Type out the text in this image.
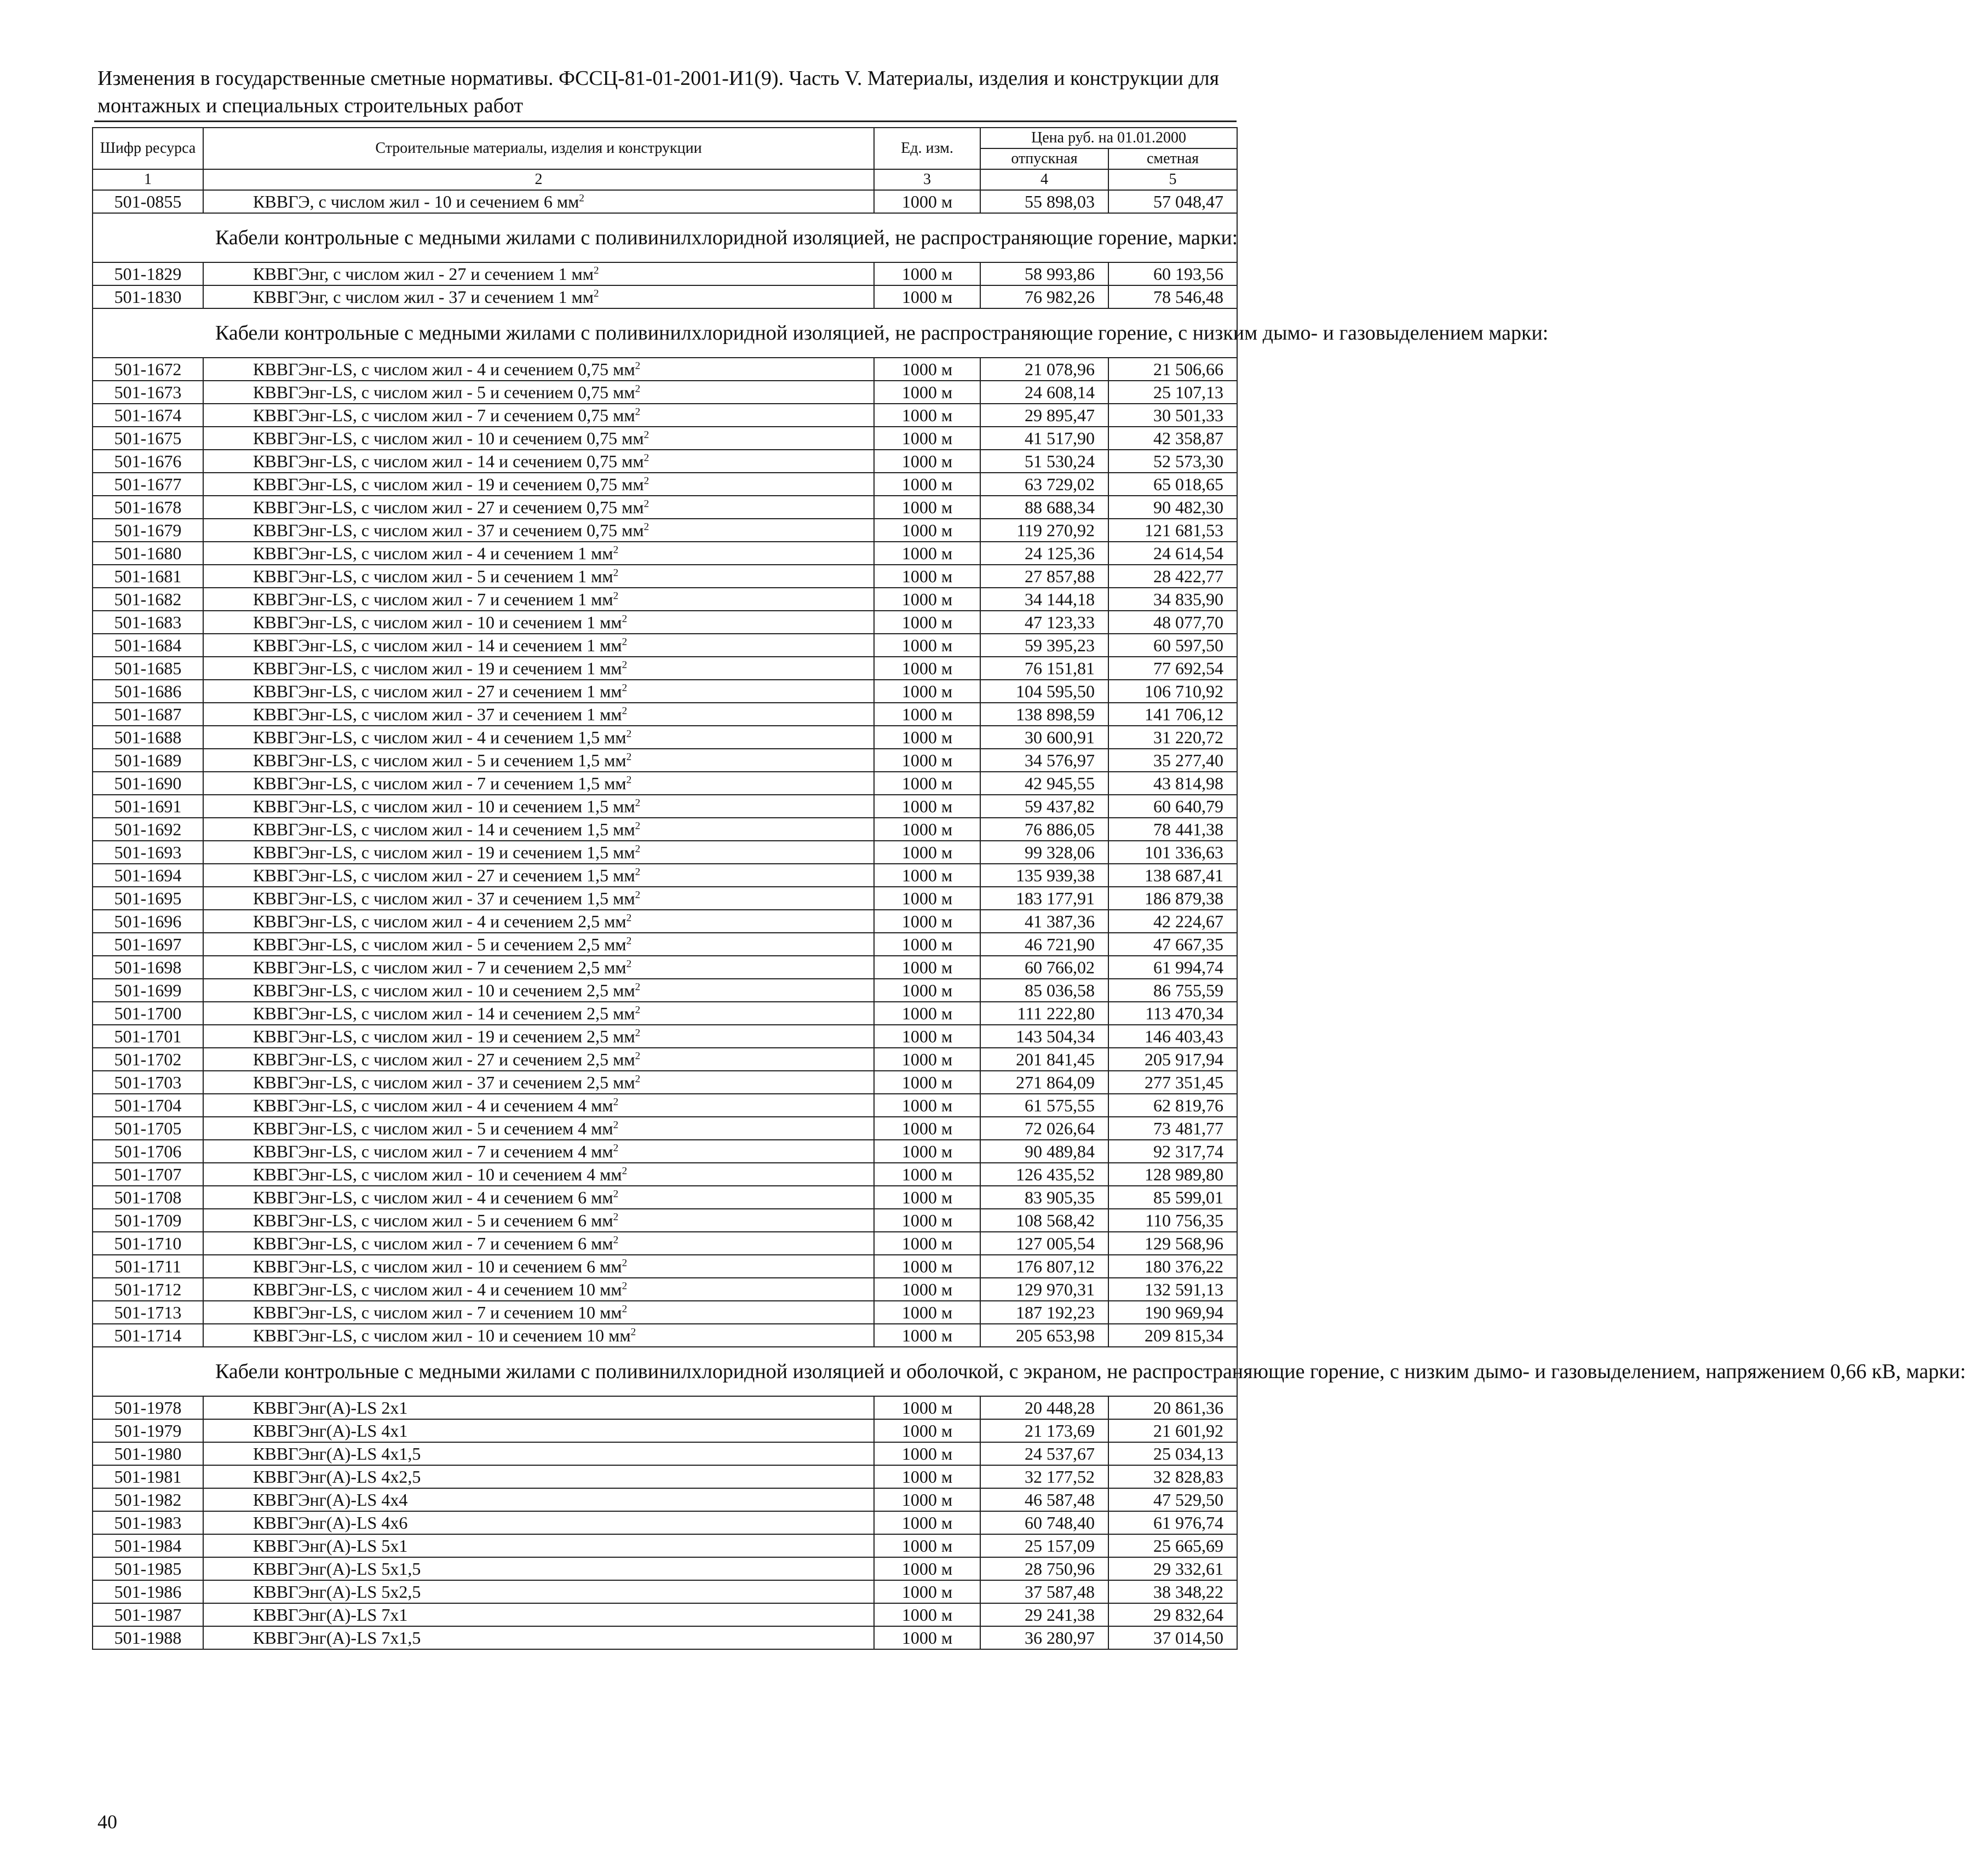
Изменения в государственные сметные нормативы. ФССЦ-81-01-2001-И1(9). Часть V. Материалы, изделия и конструкции для монтажных и специальных строительных работ
Шифр ресурса	Строительные материалы, изделия и конструкции	Ед. изм.	Цена руб. на 01.01.2000	
			отпускная	сметная
1	2	3	4	5
501-0855	КВВГЭ, с числом жил - 10 и сечением 6 $мм^2$	1000 м	55 898,03	57 048,47
	Кабели контрольные с медными жилами с поливинилхлоридной изоляцией, не распространяющие горение, марки:			
501-1829	КВВГЭнг, с числом жил - 27 и сечением 1 $мм^2$	1000 м	58 993,86	60 193,56
501-1830	КВВГЭнг, с числом жил - 37 и сечением 1 $мм^2$	1000 м	76 982,26	78 546,48
	Кабели контрольные с медными жилами с поливинилхлоридной изоляцией, не распространяющие горение, с низким дымо- и газовыделением марки:			
501-1672	КВВГЭнг-LS, с числом жил - 4 и сечением 0,75 $мм^2$	1000 м	21 078,96	21 506,66
501-1673	КВВГЭнг-LS, с числом жил - 5 и сечением 0,75 $мм^2$	1000 м	24 608,14	25 107,13
501-1674	КВВГЭнг-LS, с числом жил - 7 и сечением 0,75 $мм^2$	1000 м	29 895,47	30 501,33
501-1675	КВВГЭнг-LS, с числом жил - 10 и сечением 0,75 $мм^2$	1000 м	41 517,90	42 358,87
501-1676	КВВГЭнг-LS, с числом жил - 14 и сечением 0,75 $мм^2$	1000 м	51 530,24	52 573,30
501-1677	КВВГЭнг-LS, с числом жил - 19 и сечением 0,75 $мм^2$	1000 м	63 729,02	65 018,65
501-1678	КВВГЭнг-LS, с числом жил - 27 и сечением 0,75 $мм^2$	1000 м	88 688,34	90 482,30
501-1679	КВВГЭнг-LS, с числом жил - 37 и сечением 0,75 $мм^2$	1000 м	119 270,92	121 681,53
501-1680	КВВГЭнг-LS, с числом жил - 4 и сечением 1 $мм^2$	1000 м	24 125,36	24 614,54
501-1681	КВВГЭнг-LS, с числом жил - 5 и сечением 1 $мм^2$	1000 м	27 857,88	28 422,77
501-1682	КВВГЭнг-LS, с числом жил - 7 и сечением 1 $мм^2$	1000 м	34 144,18	34 835,90
501-1683	КВВГЭнг-LS, с числом жил - 10 и сечением 1 $мм^2$	1000 м	47 123,33	48 077,70
501-1684	КВВГЭнг-LS, с числом жил - 14 и сечением 1 $мм^2$	1000 м	59 395,23	60 597,50
501-1685	КВВГЭнг-LS, с числом жил - 19 и сечением 1 $мм^2$	1000 м	76 151,81	77 692,54
501-1686	КВВГЭнг-LS, с числом жил - 27 и сечением 1 $мм^2$	1000 м	104 595,50	106 710,92
501-1687	КВВГЭнг-LS, с числом жил - 37 и сечением 1 $мм^2$	1000 м	138 898,59	141 706,12
501-1688	КВВГЭнг-LS, с числом жил - 4 и сечением 1,5 $мм^2$	1000 м	30 600,91	31 220,72
501-1689	КВВГЭнг-LS, с числом жил - 5 и сечением 1,5 $мм^2$	1000 м	34 576,97	35 277,40
501-1690	КВВГЭнг-LS, с числом жил - 7 и сечением 1,5 $мм^2$	1000 м	42 945,55	43 814,98
501-1691	КВВГЭнг-LS, с числом жил - 10 и сечением 1,5 $мм^2$	1000 м	59 437,82	60 640,79
501-1692	КВВГЭнг-LS, с числом жил - 14 и сечением 1,5 $мм^2$	1000 м	76 886,05	78 441,38
501-1693	КВВГЭнг-LS, с числом жил - 19 и сечением 1,5 $мм^2$	1000 м	99 328,06	101 336,63
501-1694	КВВГЭнг-LS, с числом жил - 27 и сечением 1,5 $мм^2$	1000 м	135 939,38	138 687,41
501-1695	КВВГЭнг-LS, с числом жил - 37 и сечением 1,5 $мм^2$	1000 м	183 177,91	186 879,38
501-1696	КВВГЭнг-LS, с числом жил - 4 и сечением 2,5 $мм^2$	1000 м	41 387,36	42 224,67
501-1697	КВВГЭнг-LS, с числом жил - 5 и сечением 2,5 $мм^2$	1000 м	46 721,90	47 667,35
501-1698	КВВГЭнг-LS, с числом жил - 7 и сечением 2,5 $мм^2$	1000 м	60 766,02	61 994,74
501-1699	КВВГЭнг-LS, с числом жил - 10 и сечением 2,5 $мм^2$	1000 м	85 036,58	86 755,59
501-1700	КВВГЭнг-LS, с числом жил - 14 и сечением 2,5 $мм^2$	1000 м	111 222,80	113 470,34
501-1701	КВВГЭнг-LS, с числом жил - 19 и сечением 2,5 $мм^2$	1000 м	143 504,34	146 403,43
501-1702	КВВГЭнг-LS, с числом жил - 27 и сечением 2,5 $мм^2$	1000 м	201 841,45	205 917,94
501-1703	КВВГЭнг-LS, с числом жил - 37 и сечением 2,5 $мм^2$	1000 м	271 864,09	277 351,45
501-1704	КВВГЭнг-LS, с числом жил - 4 и сечением 4 $мм^2$	1000 м	61 575,55	62 819,76
501-1705	КВВГЭнг-LS, с числом жил - 5 и сечением 4 $мм^2$	1000 м	72 026,64	73 481,77
501-1706	КВВГЭнг-LS, с числом жил - 7 и сечением 4 $мм^2$	1000 м	90 489,84	92 317,74
501-1707	КВВГЭнг-LS, с числом жил - 10 и сечением 4 $мм^2$	1000 м	126 435,52	128 989,80
501-1708	КВВГЭнг-LS, с числом жил - 4 и сечением 6 $мм^2$	1000 м	83 905,35	85 599,01
501-1709	КВВГЭнг-LS, с числом жил - 5 и сечением 6 $мм^2$	1000 м	108 568,42	110 756,35
501-1710	КВВГЭнг-LS, с числом жил - 7 и сечением 6 $мм^2$	1000 м	127 005,54	129 568,96
501-1711	КВВГЭнг-LS, с числом жил - 10 и сечением 6 $мм^2$	1000 м	176 807,12	180 376,22
501-1712	КВВГЭнг-LS, с числом жил - 4 и сечением 10 $мм^2$	1000 м	129 970,31	132 591,13
501-1713	КВВГЭнг-LS, с числом жил - 7 и сечением 10 $мм^2$	1000 м	187 192,23	190 969,94
501-1714	КВВГЭнг-LS, с числом жил - 10 и сечением 10 $мм^2$	1000 м	205 653,98	209 815,34
	Кабели контрольные с медными жилами с поливинилхлоридной изоляцией и оболочкой, с экраном, не распространяющие горение, с низким дымо- и газовыделением, напряжением 0,66 кВ, марки:			
501-1978	КВВГЭнг(А)-LS 2x1	1000 м	20 448,28	20 861,36
501-1979	КВВГЭнг(А)-LS 4x1	1000 м	21 173,69	21 601,92
501-1980	КВВГЭнг(А)-LS 4x1,5	1000 м	24 537,67	25 034,13
501-1981	КВВГЭнг(А)-LS 4x2,5	1000 м	32 177,52	32 828,83
501-1982	КВВГЭнг(А)-LS 4x4	1000 м	46 587,48	47 529,50
501-1983	КВВГЭнг(А)-LS 4x6	1000 м	60 748,40	61 976,74
501-1984	КВВГЭнг(А)-LS 5x1	1000 м	25 157,09	25 665,69
501-1985	КВВГЭнг(А)-LS 5x1,5	1000 м	28 750,96	29 332,61
501-1986	КВВГЭнг(А)-LS 5x2,5	1000 м	37 587,48	38 348,22
501-1987	КВВГЭнг(А)-LS 7x1	1000 м	29 241,38	29 832,64
501-1988	КВВГЭнг(А)-LS 7x1,5	1000 м	36 280,97	37 014,50
40
